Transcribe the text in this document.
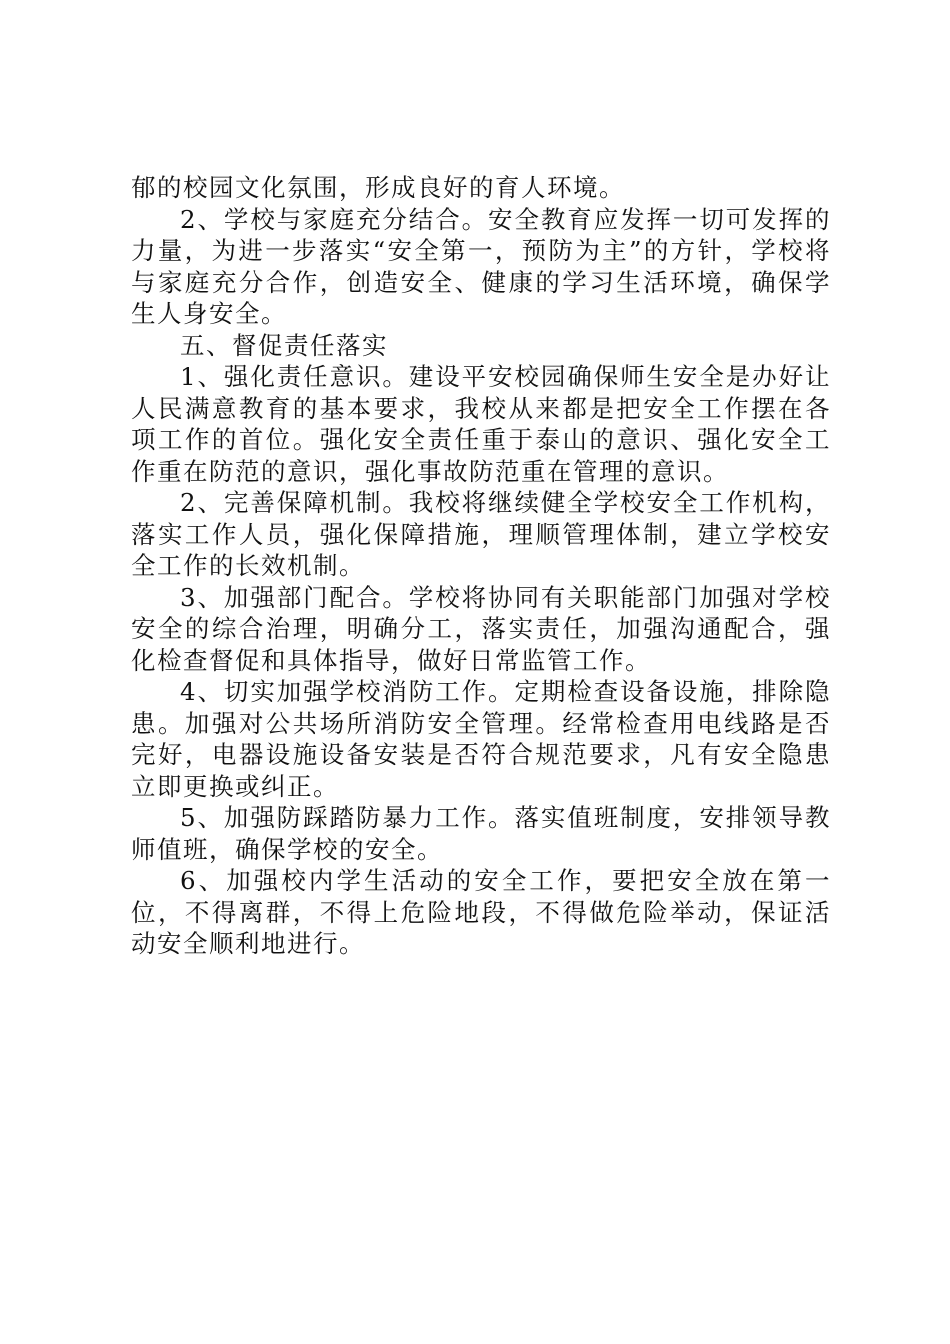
郁的校园文化氛围，形成良好的育人环境。

2、学校与家庭充分结合。安全教育应发挥一切可发挥的力量，为进一步落实“安全第一，预防为主”的方针，学校将与家庭充分合作，创造安全、健康的学习生活环境，确保学生人身安全。

五、督促责任落实

1、强化责任意识。建设平安校园确保师生安全是办好让人民满意教育的基本要求，我校从来都是把安全工作摆在各项工作的首位。强化安全责任重于泰山的意识、强化安全工作重在防范的意识，强化事故防范重在管理的意识。

2、完善保障机制。我校将继续健全学校安全工作机构，落实工作人员，强化保障措施，理顺管理体制，建立学校安全工作的长效机制。

3、加强部门配合。学校将协同有关职能部门加强对学校安全的综合治理，明确分工，落实责任，加强沟通配合，强化检查督促和具体指导，做好日常监管工作。

4、切实加强学校消防工作。定期检查设备设施，排除隐患。加强对公共场所消防安全管理。经常检查用电线路是否完好，电器设施设备安装是否符合规范要求，凡有安全隐患立即更换或纠正。

5、加强防踩踏防暴力工作。落实值班制度，安排领导教师值班，确保学校的安全。

6、加强校内学生活动的安全工作，要把安全放在第一位，不得离群，不得上危险地段，不得做危险举动，保证活动安全顺利地进行。
